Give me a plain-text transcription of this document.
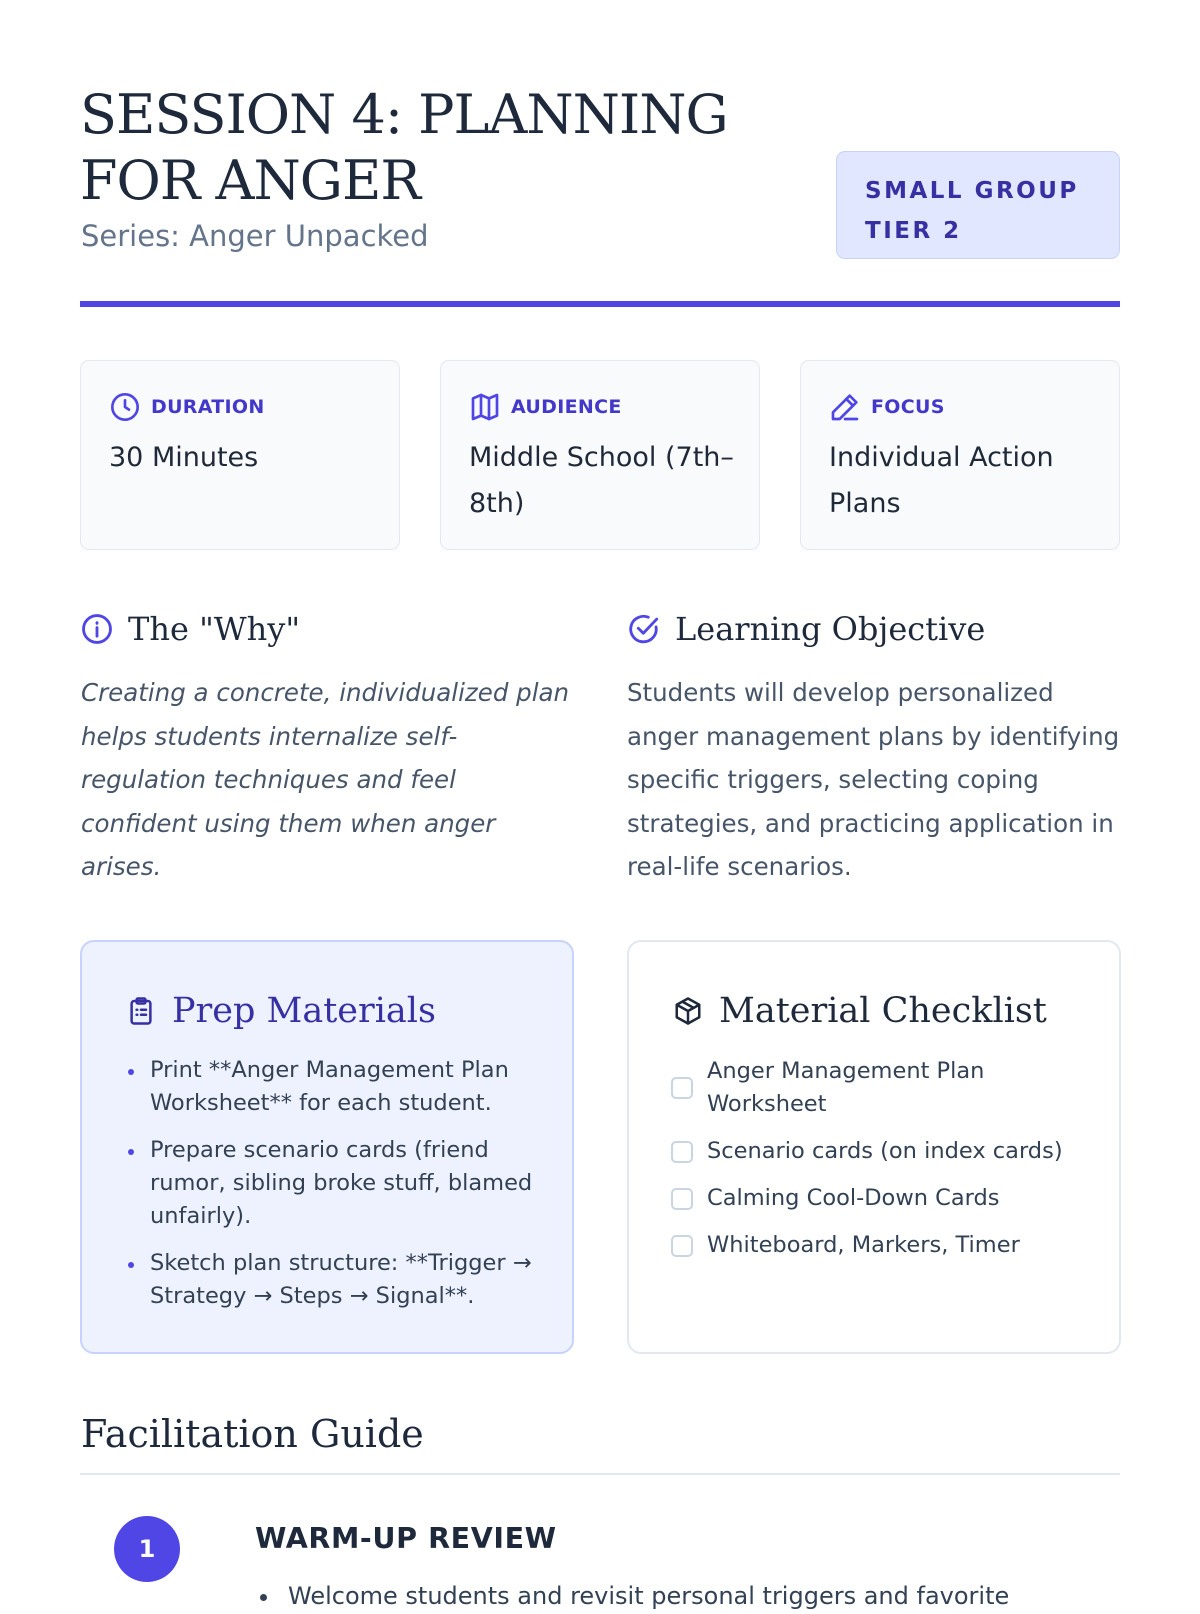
SESSION 4: PLANNING FOR ANGER

Series: Anger Unpacked

SMALL GROUP
TIER 2
DURATION
30 Minutes
AUDIENCE
Middle School (7th–8th)
FOCUS
Individual Action Plans
The "Why"

Creating a concrete, individualized plan helps students internalize self-regulation techniques and feel confident using them when anger arises.

Learning Objective

Students will develop personalized anger management plans by identifying specific triggers, selecting coping strategies, and practicing application in real-life scenarios.

Prep Materials
Print **Anger Management Plan Worksheet** for each student.
Prepare scenario cards (friend rumor, sibling broke stuff, blamed unfairly).
Sketch plan structure: **Trigger → Strategy → Steps → Signal**.
Material Checklist
Anger Management Plan Worksheet
Scenario cards (on index cards)
Calming Cool-Down Cards
Whiteboard, Markers, Timer
Facilitation Guide
1	WARM-UP REVIEW
Welcome students and revisit personal triggers and favorite
